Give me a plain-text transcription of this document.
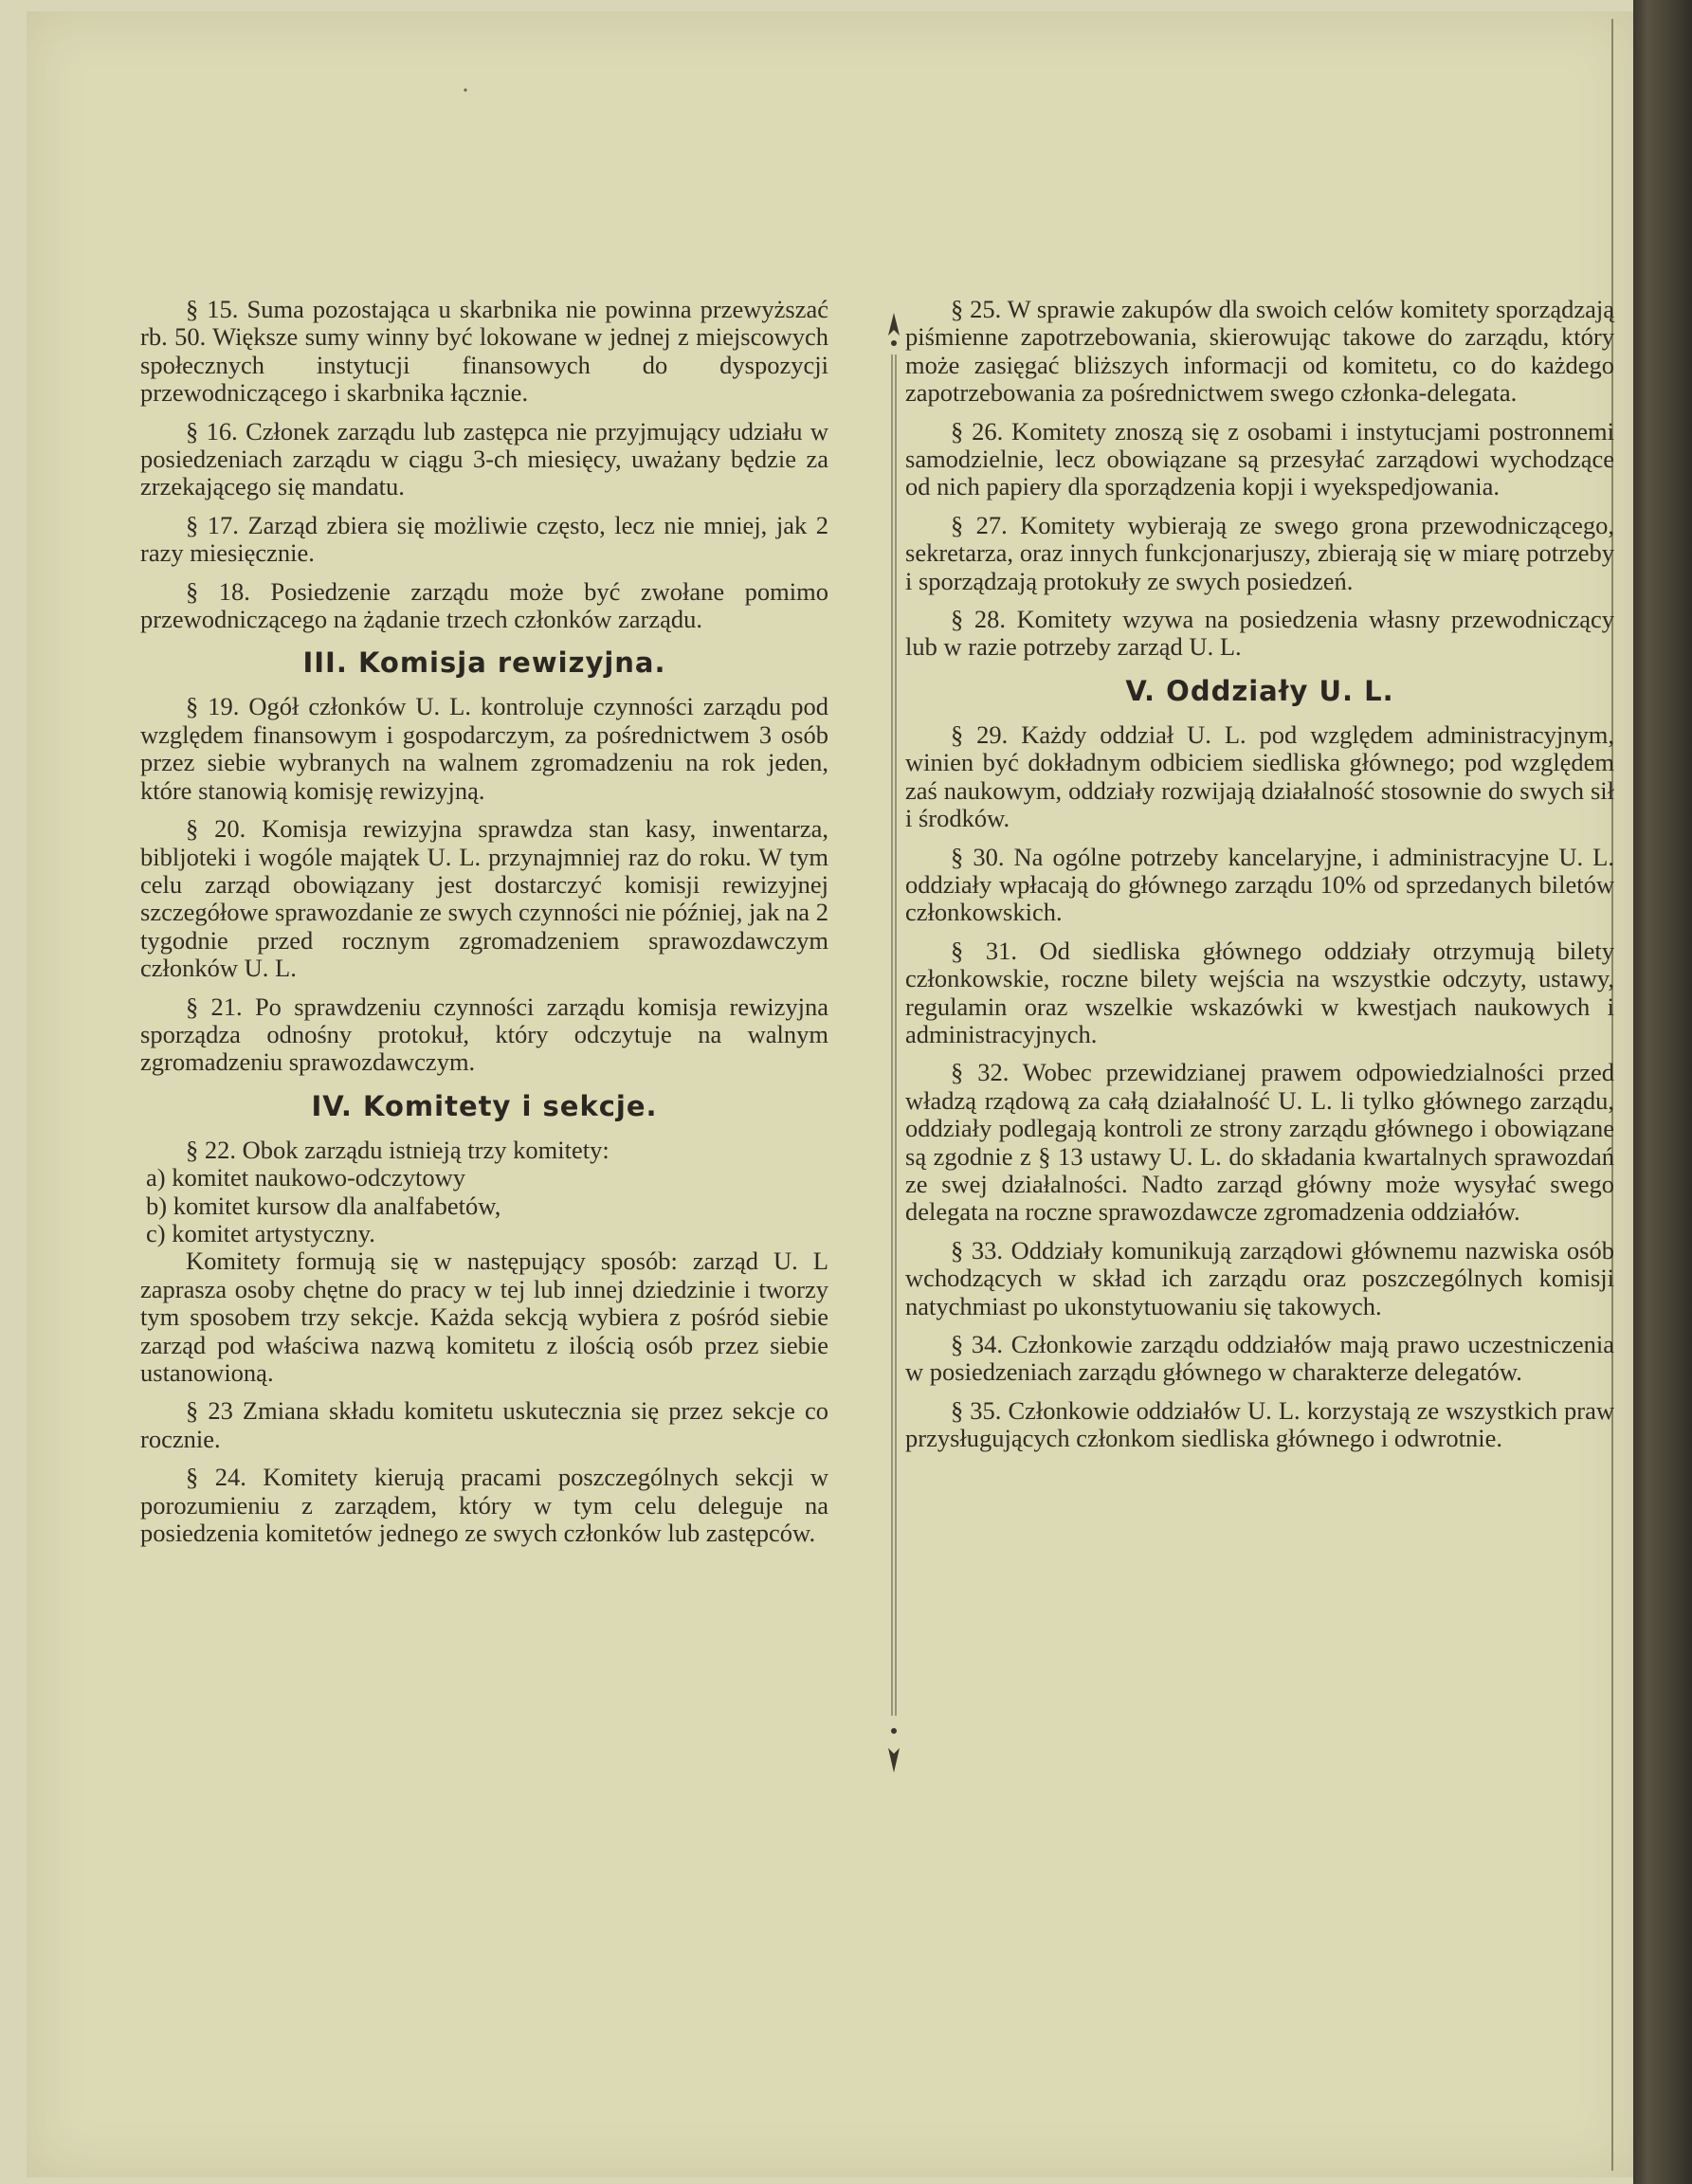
§ 15. Suma pozostająca u skarbnika nie powinna przewyższać rb. 50. Większe sumy winny być lokowane w jednej z miejscowych społecznych instytucji finansowych do dyspozycji przewodniczącego i skarbnika łącznie.

§ 16. Członek zarządu lub zastępca nie przyjmujący udziału w posiedzeniach zarządu w ciągu 3-ch miesięcy, uważany będzie za zrzekającego się mandatu.

§ 17. Zarząd zbiera się możliwie często, lecz nie mniej, jak 2 razy miesięcznie.

§ 18. Posiedzenie zarządu może być zwołane pomimo przewodniczącego na żądanie trzech członków zarządu.

III. Komisja rewizyjna.

§ 19. Ogół członków U. L. kontroluje czynności zarządu pod względem finansowym i gospodarczym, za pośrednictwem 3 osób przez siebie wybranych na walnem zgromadzeniu na rok jeden, które stanowią komisję rewizyjną.

§ 20. Komisja rewizyjna sprawdza stan kasy, inwentarza, bibljoteki i wogóle majątek U. L. przynajmniej raz do roku. W tym celu zarząd obowiązany jest dostarczyć komisji rewizyjnej szczegółowe sprawozdanie ze swych czynności nie później, jak na 2 tygodnie przed rocznym zgromadzeniem sprawozdawczym członków U. L.

§ 21. Po sprawdzeniu czynności zarządu komisja rewizyjna sporządza odnośny protokuł, który odczytuje na walnym zgromadzeniu sprawozdawczym.

IV. Komitety i sekcje.

§ 22. Obok zarządu istnieją trzy komitety:

a) komitet naukowo-odczytowy

b) komitet kursow dla analfabetów,

c) komitet artystyczny.

Komitety formują się w następujący sposób: zarząd U. L zaprasza osoby chętne do pracy w tej lub innej dziedzinie i tworzy tym sposobem trzy sekcje. Każda sekcją wybiera z pośród siebie zarząd pod właściwa nazwą komitetu z ilością osób przez siebie ustanowioną.

§ 23 Zmiana składu komitetu uskuteczniа się przez sekcje co rocznie.

§ 24. Komitety kierują pracami poszczególnych sekcji w porozumieniu z zarządem, który w tym celu deleguje na posiedzenia komitetów jednego ze swych członków lub zastępców.

§ 25. W sprawie zakupów dla swoich celów komitety sporządzają piśmienne zapotrzebowania, skierowując takowe do zarządu, który może zasięgać bliższych informacji od komitetu, co do każdego zapotrzebowania za pośrednictwem swego członka-delegata.

§ 26. Komitety znoszą się z osobami i instytucjami postronnemi samodzielnie, lecz obowiązane są przesyłać zarządowi wychodzące od nich papiery dla sporządzenia kopji i wyekspedjowania.

§ 27. Komitety wybierają ze swego grona przewodniczącego, sekretarza, oraz innych funkcjonarjuszy, zbierają się w miarę potrzeby i sporządzają protokuły ze swych posiedzeń.

§ 28. Komitety wzywa na posiedzenia własny przewodniczący lub w razie potrzeby zarząd U. L.

V. Oddziały U. L.

§ 29. Każdy oddział U. L. pod względem administracyjnym, winien być dokładnym odbiciem siedliska głównego; pod względem zaś naukowym, oddziały rozwijają działalność stosownie do swych sił i środków.

§ 30. Na ogólne potrzeby kancelaryjne, i administracyjne U. L. oddziały wpłacają do głównego zarządu 10% od sprzedanych biletów członkowskich.

§ 31. Od siedliska głównego oddziały otrzymują bilety członkowskie, roczne bilety wejścia na wszystkie odczyty, ustawy, regulamin oraz wszelkie wskazówki w kwestjach naukowych i administracyjnych.

§ 32. Wobec przewidzianej prawem odpowiedzialności przed władzą rządową za całą działalność U. L. li tylko głównego zarządu, oddziały podlegają kontroli ze strony zarządu głównego i obowiązane są zgodnie z § 13 ustawy U. L. do składania kwartalnych sprawozdań ze swej działalności. Nadto zarząd główny może wysyłać swego delegata na roczne sprawozdawcze zgromadzenia oddziałów.

§ 33. Oddziały komunikują zarządowi głównemu nazwiska osób wchodzących w skład ich zarządu oraz poszczególnych komisji natychmiast po ukonstytuowaniu się takowych.

§ 34. Członkowie zarządu oddziałów mają prawo uczestniczenia w posiedzeniach zarządu głównego w charakterze delegatów.

§ 35. Członkowie oddziałów U. L. korzystają ze wszystkich praw przysługujących członkom siedliska głównego i odwrotnie.
